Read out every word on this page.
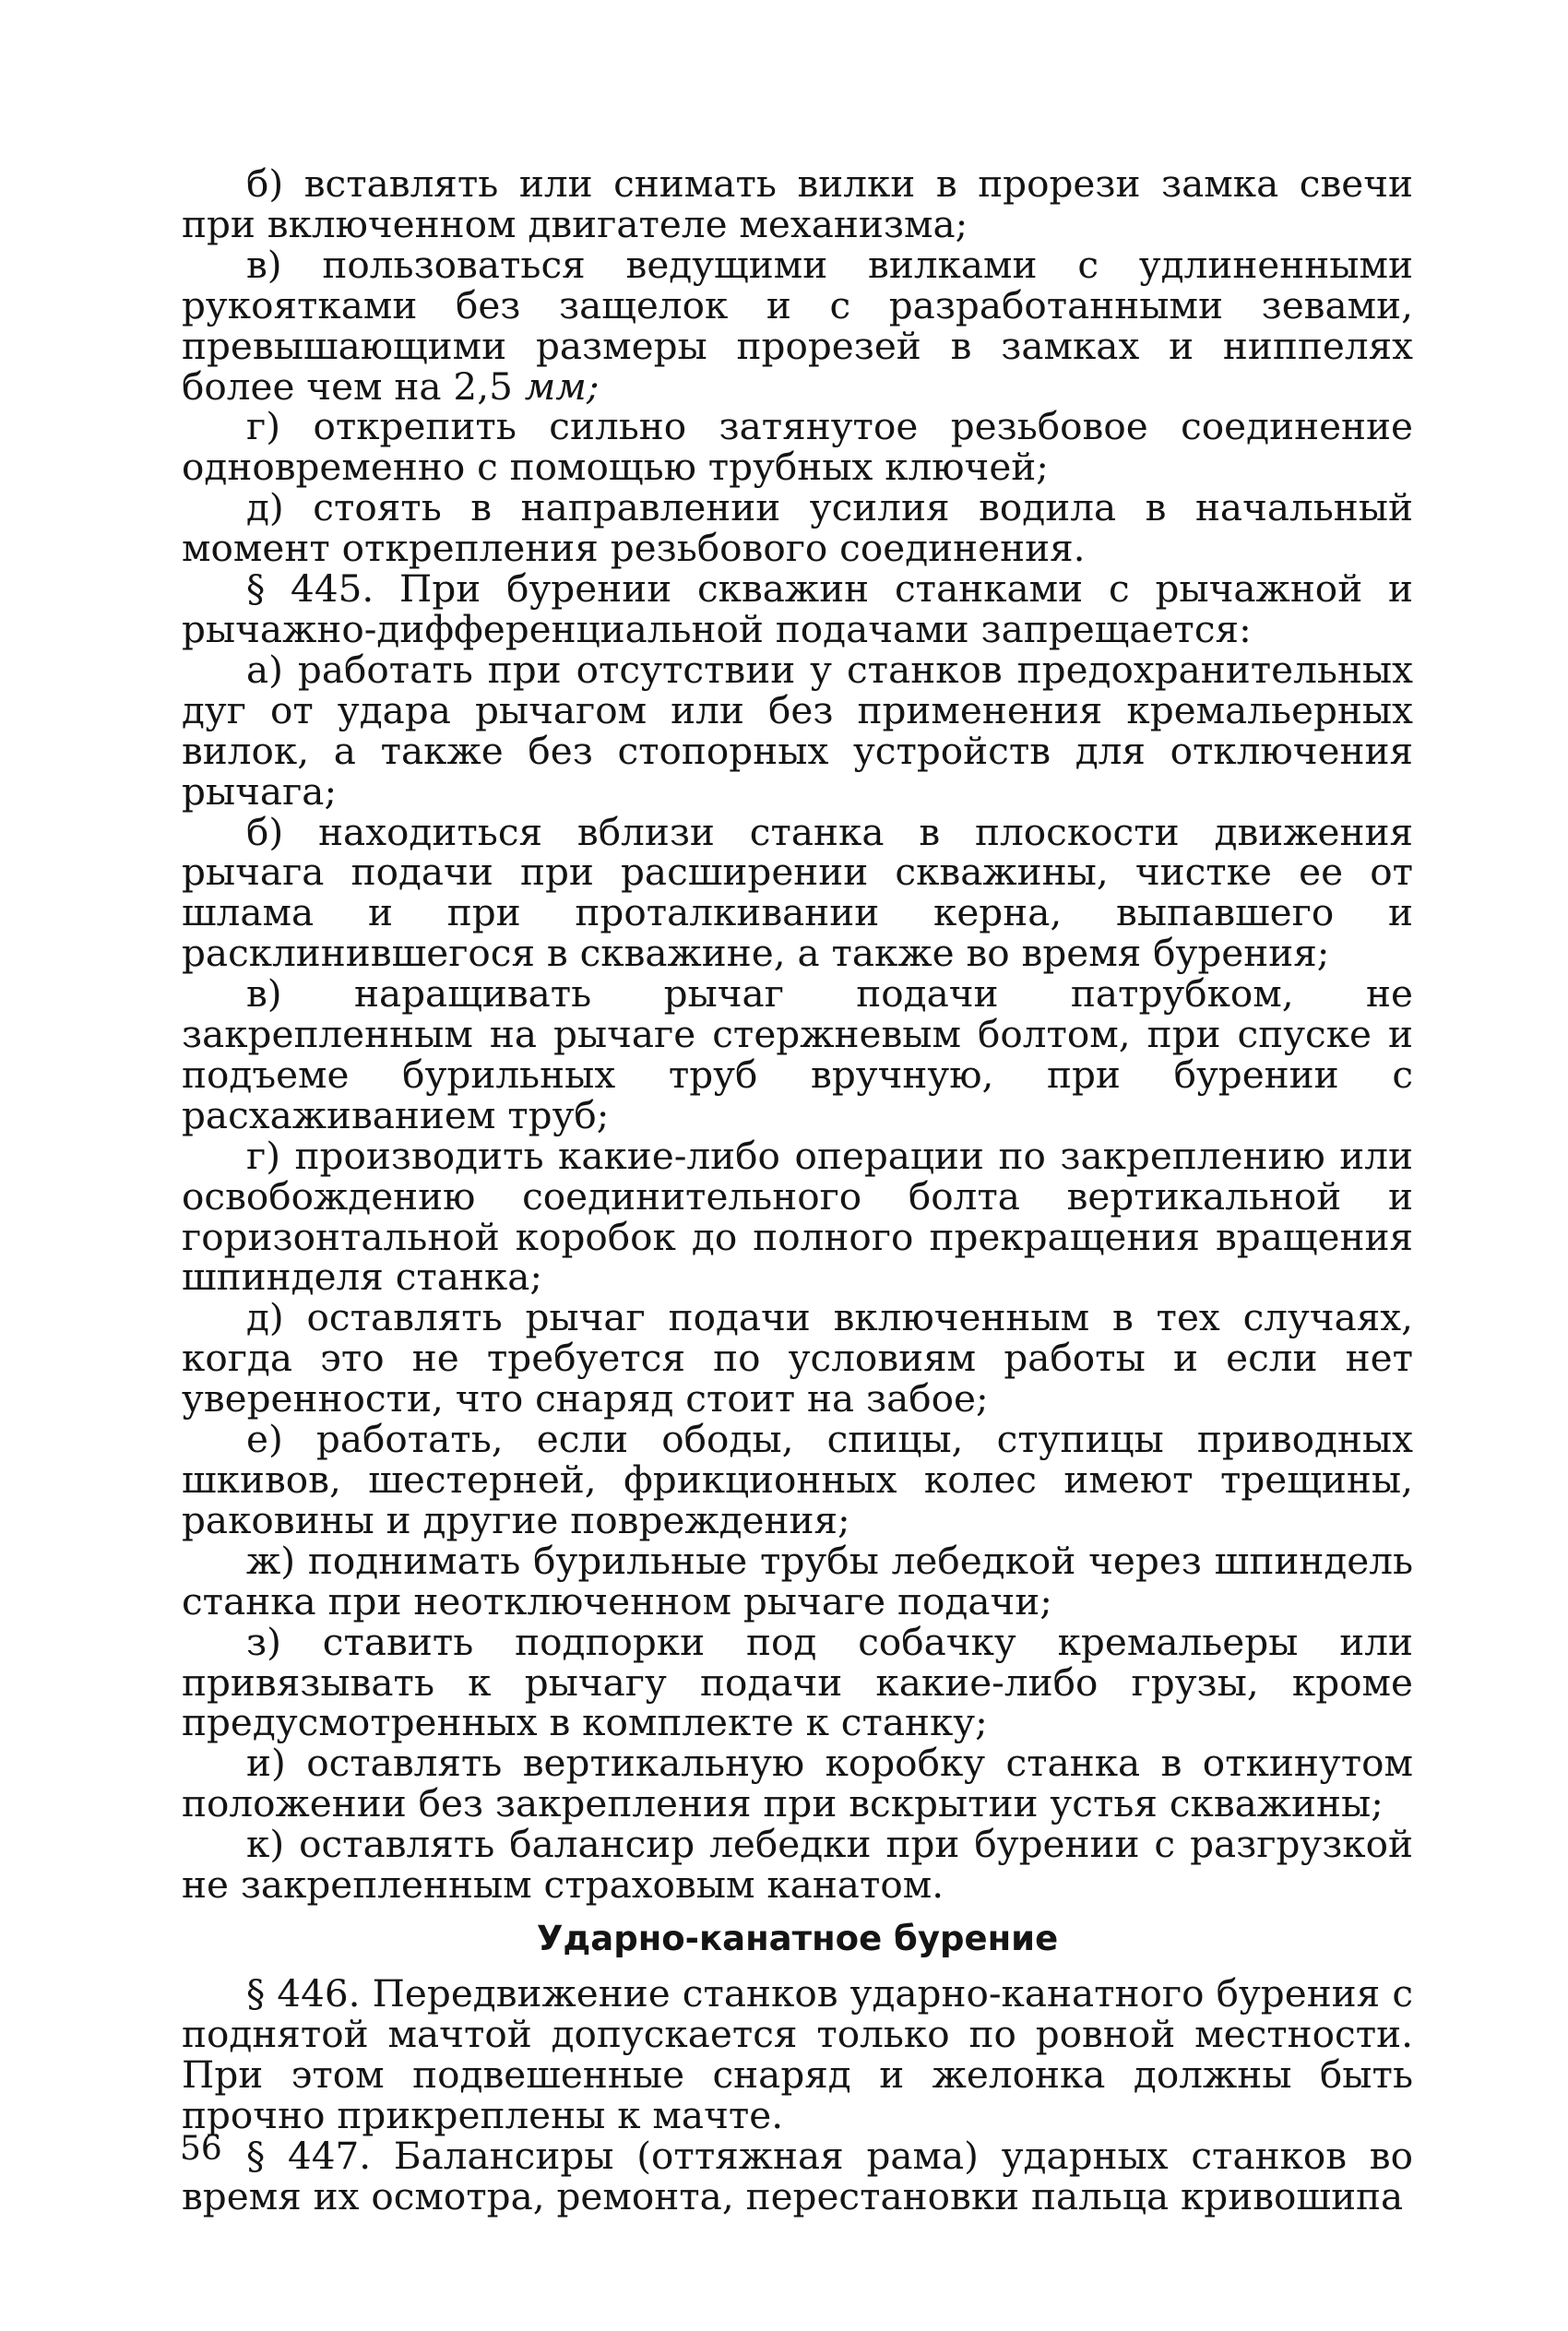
б) вставлять или снимать вилки в прорези замка свечи при включенном двигателе механизма;

в) пользоваться ведущими вилками с удлиненными рукоятками без защелок и с разработанными зевами, превышающими размеры прорезей в замках и ниппелях более чем на 2,5 мм;

г) открепить сильно затянутое резьбовое соединение одновременно с помощью трубных ключей;

д) стоять в направлении усилия водила в начальный момент открепления резьбового соединения.

§ 445. При бурении скважин станками с рычажной и рычажно-дифференциальной подачами запрещается:

а) работать при отсутствии у станков предохранительных дуг от удара рычагом или без применения кремальерных вилок, а также без стопорных устройств для отключения рычага;

б) находиться вблизи станка в плоскости движения рычага подачи при расширении скважины, чистке ее от шлама и при проталкивании керна, выпавшего и расклинившегося в скважине, а также во время бурения;

в) наращивать рычаг подачи патрубком, не закрепленным на рычаге стержневым болтом, при спуске и подъеме бурильных труб вручную, при бурении с расхаживанием труб;

г) производить какие-либо операции по закреплению или освобождению соединительного болта вертикальной и горизонтальной коробок до полного прекращения вращения шпинделя станка;

д) оставлять рычаг подачи включенным в тех случаях, когда это не требуется по условиям работы и если нет уверенности, что снаряд стоит на забое;

е) работать, если ободы, спицы, ступицы приводных шкивов, шестерней, фрикционных колес имеют трещины, раковины и другие повреждения;

ж) поднимать бурильные трубы лебедкой через шпиндель станка при неотключенном рычаге подачи;

з) ставить подпорки под собачку кремальеры или привязывать к рычагу подачи какие-либо грузы, кроме предусмотренных в комплекте к станку;

и) оставлять вертикальную коробку станка в откинутом положении без закрепления при вскрытии устья скважины;

к) оставлять балансир лебедки при бурении с разгрузкой не закрепленным страховым канатом.

Ударно-канатное бурение

§ 446. Передвижение станков ударно-канатного бурения с поднятой мачтой допускается только по ровной местности. При этом подвешенные снаряд и желонка должны быть прочно прикреплены к мачте.

§ 447. Балансиры (оттяжная рама) ударных станков во время их осмотра, ремонта, перестановки пальца кривошипа

56
